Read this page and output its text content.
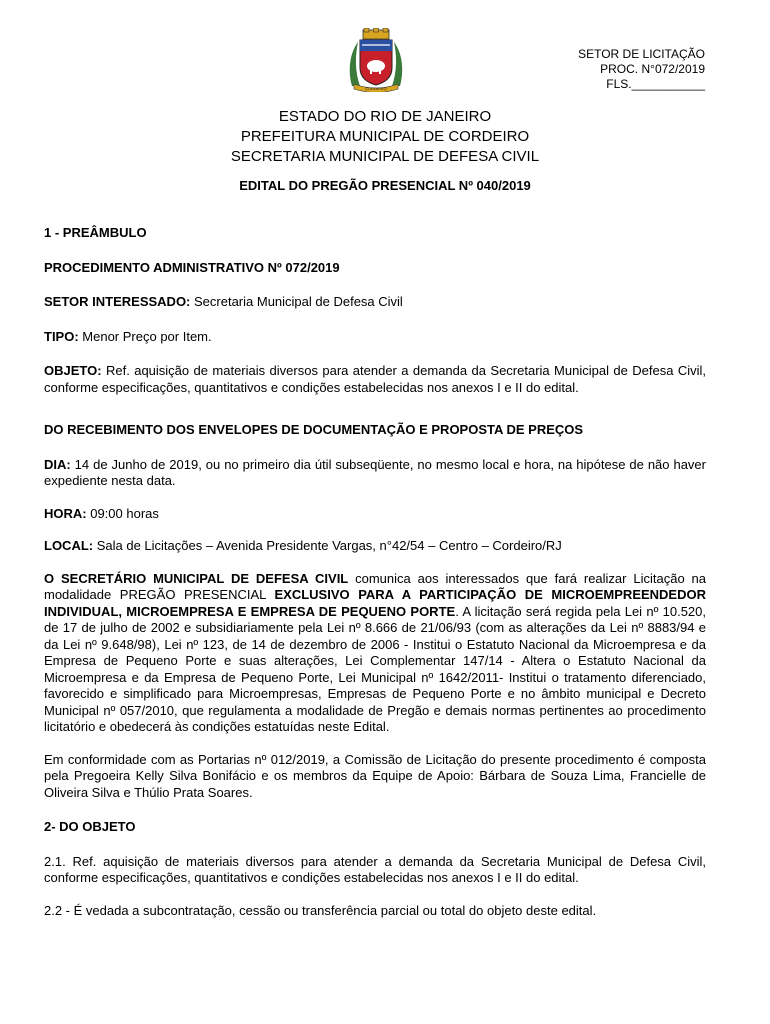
CORDEIRO
SETOR DE LICITAÇÃO
PROC. N°072/2019
FLS.___________
ESTADO DO RIO DE JANEIRO
PREFEITURA MUNICIPAL DE CORDEIRO
SECRETARIA MUNICIPAL DE DEFESA CIVIL
EDITAL DO PREGÃO PRESENCIAL Nº 040/2019

1 - PREÂMBULO

PROCEDIMENTO ADMINISTRATIVO Nº 072/2019

SETOR INTERESSADO: Secretaria Municipal de Defesa Civil

TIPO: Menor Preço por Item.

OBJETO: Ref. aquisição de materiais diversos para atender a demanda da Secretaria Municipal de Defesa Civil, conforme especificações, quantitativos e condições estabelecidas nos anexos I e II do edital.

DO RECEBIMENTO DOS ENVELOPES DE DOCUMENTAÇÃO E PROPOSTA DE PREÇOS

DIA: 14 de Junho de 2019, ou no primeiro dia útil subseqüente, no mesmo local e hora, na hipótese de não haver expediente nesta data.

HORA: 09:00 horas

LOCAL: Sala de Licitações – Avenida Presidente Vargas, n°42/54 – Centro – Cordeiro/RJ

O SECRETÁRIO MUNICIPAL DE DEFESA CIVIL comunica aos interessados que fará realizar Licitação na modalidade PREGÃO PRESENCIAL EXCLUSIVO PARA A PARTICIPAÇÃO DE MICROEMPREENDEDOR INDIVIDUAL, MICROEMPRESA E EMPRESA DE PEQUENO PORTE. A licitação será regida pela Lei nº 10.520, de 17 de julho de 2002 e subsidiariamente pela Lei nº 8.666 de 21/06/93 (com as alterações da Lei nº 8883/94 e da Lei nº 9.648/98), Lei nº 123, de 14 de dezembro de 2006 - Institui o Estatuto Nacional da Microempresa e da Empresa de Pequeno Porte e suas alterações, Lei Complementar 147/14 - Altera o Estatuto Nacional da Microempresa e da Empresa de Pequeno Porte, Lei Municipal nº 1642/2011- Institui o tratamento diferenciado, favorecido e simplificado para Microempresas, Empresas de Pequeno Porte e no âmbito municipal e Decreto Municipal nº 057/2010, que regulamenta a modalidade de Pregão e demais normas pertinentes ao procedimento licitatório e obedecerá às condições estatuídas neste Edital.

Em conformidade com as Portarias nº 012/2019, a Comissão de Licitação do presente procedimento é composta pela Pregoeira Kelly Silva Bonifácio e os membros da Equipe de Apoio: Bárbara de Souza Lima, Francielle de Oliveira Silva e Thúlio Prata Soares.

2- DO OBJETO

2.1. Ref. aquisição de materiais diversos para atender a demanda da Secretaria Municipal de Defesa Civil, conforme especificações, quantitativos e condições estabelecidas nos anexos I e II do edital.

2.2 - É vedada a subcontratação, cessão ou transferência parcial ou total do objeto deste edital.
